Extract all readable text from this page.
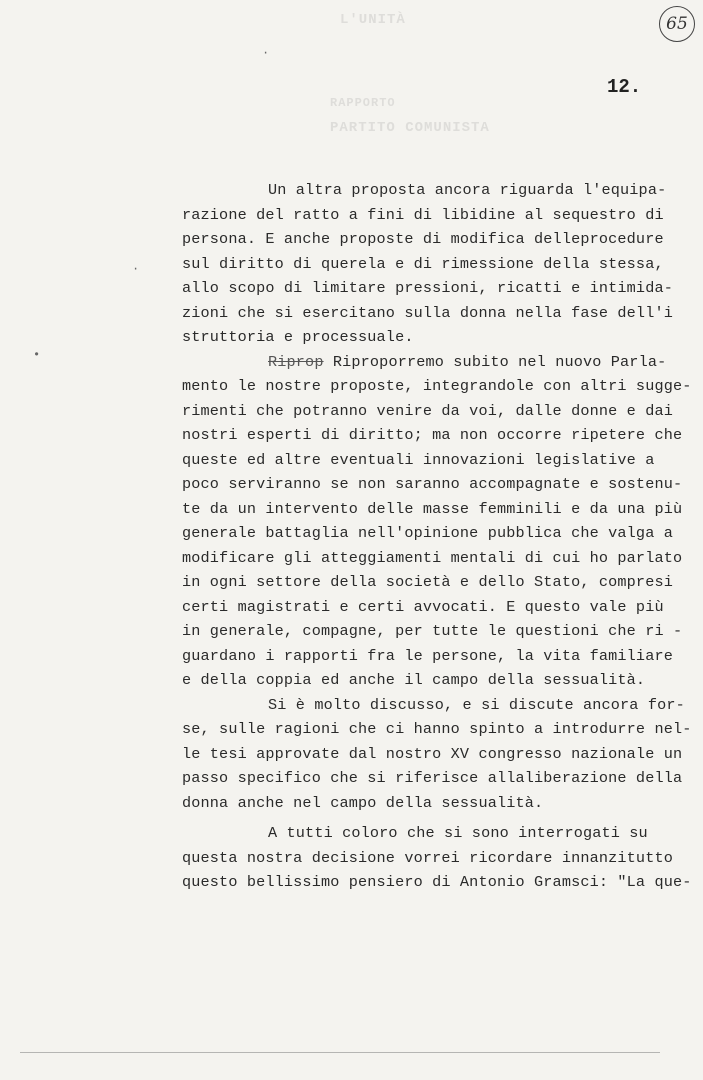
L'UNITÀ
RAPPORTO
PARTITO COMUNISTA
65
12.
Un altra proposta ancora riguarda l'equipa-
razione del ratto a fini di libidine al sequestro di
persona. E anche proposte di modifica delleprocedure
sul diritto di querela e di rimessione della stessa,
allo scopo di limitare pressioni, ricatti e intimida-
zioni che si esercitano sulla donna nella fase dell'i
struttoria e processuale.
Riprop Riproporremo subito nel nuovo Parla-
mento le nostre proposte, integrandole con altri sugge-
rimenti che potranno venire da voi, dalle donne e dai
nostri esperti di diritto; ma non occorre ripetere che
queste ed altre eventuali innovazioni legislative a
poco serviranno se non saranno accompagnate e sostenu-
te da un intervento delle masse femminili e da una più
generale battaglia nell'opinione pubblica che valga a
modificare gli atteggiamenti mentali di cui ho parlato
in ogni settore della società e dello Stato, compresi
certi magistrati e certi avvocati. E questo vale più
in generale, compagne, per tutte le questioni che ri -
guardano i rapporti fra le persone, la vita familiare
e della coppia ed anche il campo della sessualità.
Si è molto discusso, e si discute ancora for-
se, sulle ragioni che ci hanno spinto a introdurre nel-
le tesi approvate dal nostro XV congresso nazionale un
passo specifico che si riferisce allaliberazione della
donna anche nel campo della sessualità.
A tutti coloro che si sono interrogati su
questa nostra decisione vorrei ricordare innanzitutto
questo bellissimo pensiero di Antonio Gramsci: "La que-
•
·
·
